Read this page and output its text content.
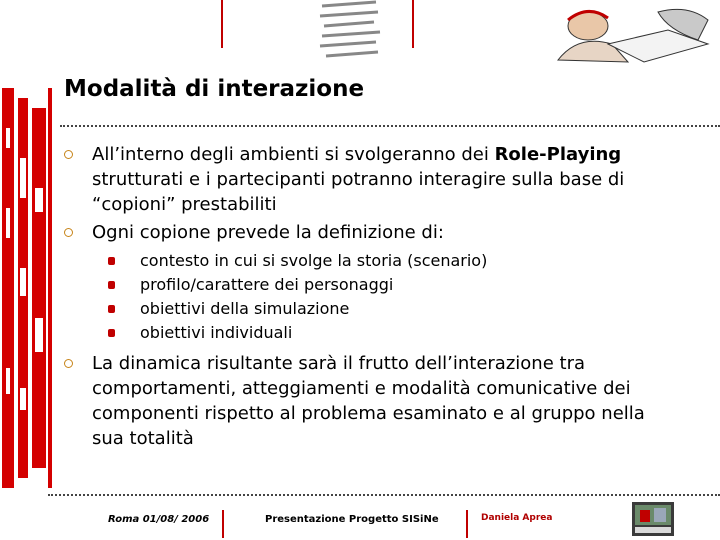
Modalità di interazione
All’interno degli ambienti si svolgeranno dei Role-Playing strutturati e i partecipanti potranno interagire sulla base di “copioni” prestabiliti
Ogni copione prevede la definizione di:
contesto in cui si svolge la storia (scenario)
profilo/carattere dei personaggi
obiettivi della simulazione
obiettivi individuali
La dinamica risultante sarà il frutto dell’interazione tra comportamenti, atteggiamenti e modalità comunicative dei componenti rispetto al problema esaminato e al gruppo nella sua totalità
Roma 01/08/ 2006	Presentazione Progetto SISiNe	Daniela Aprea
